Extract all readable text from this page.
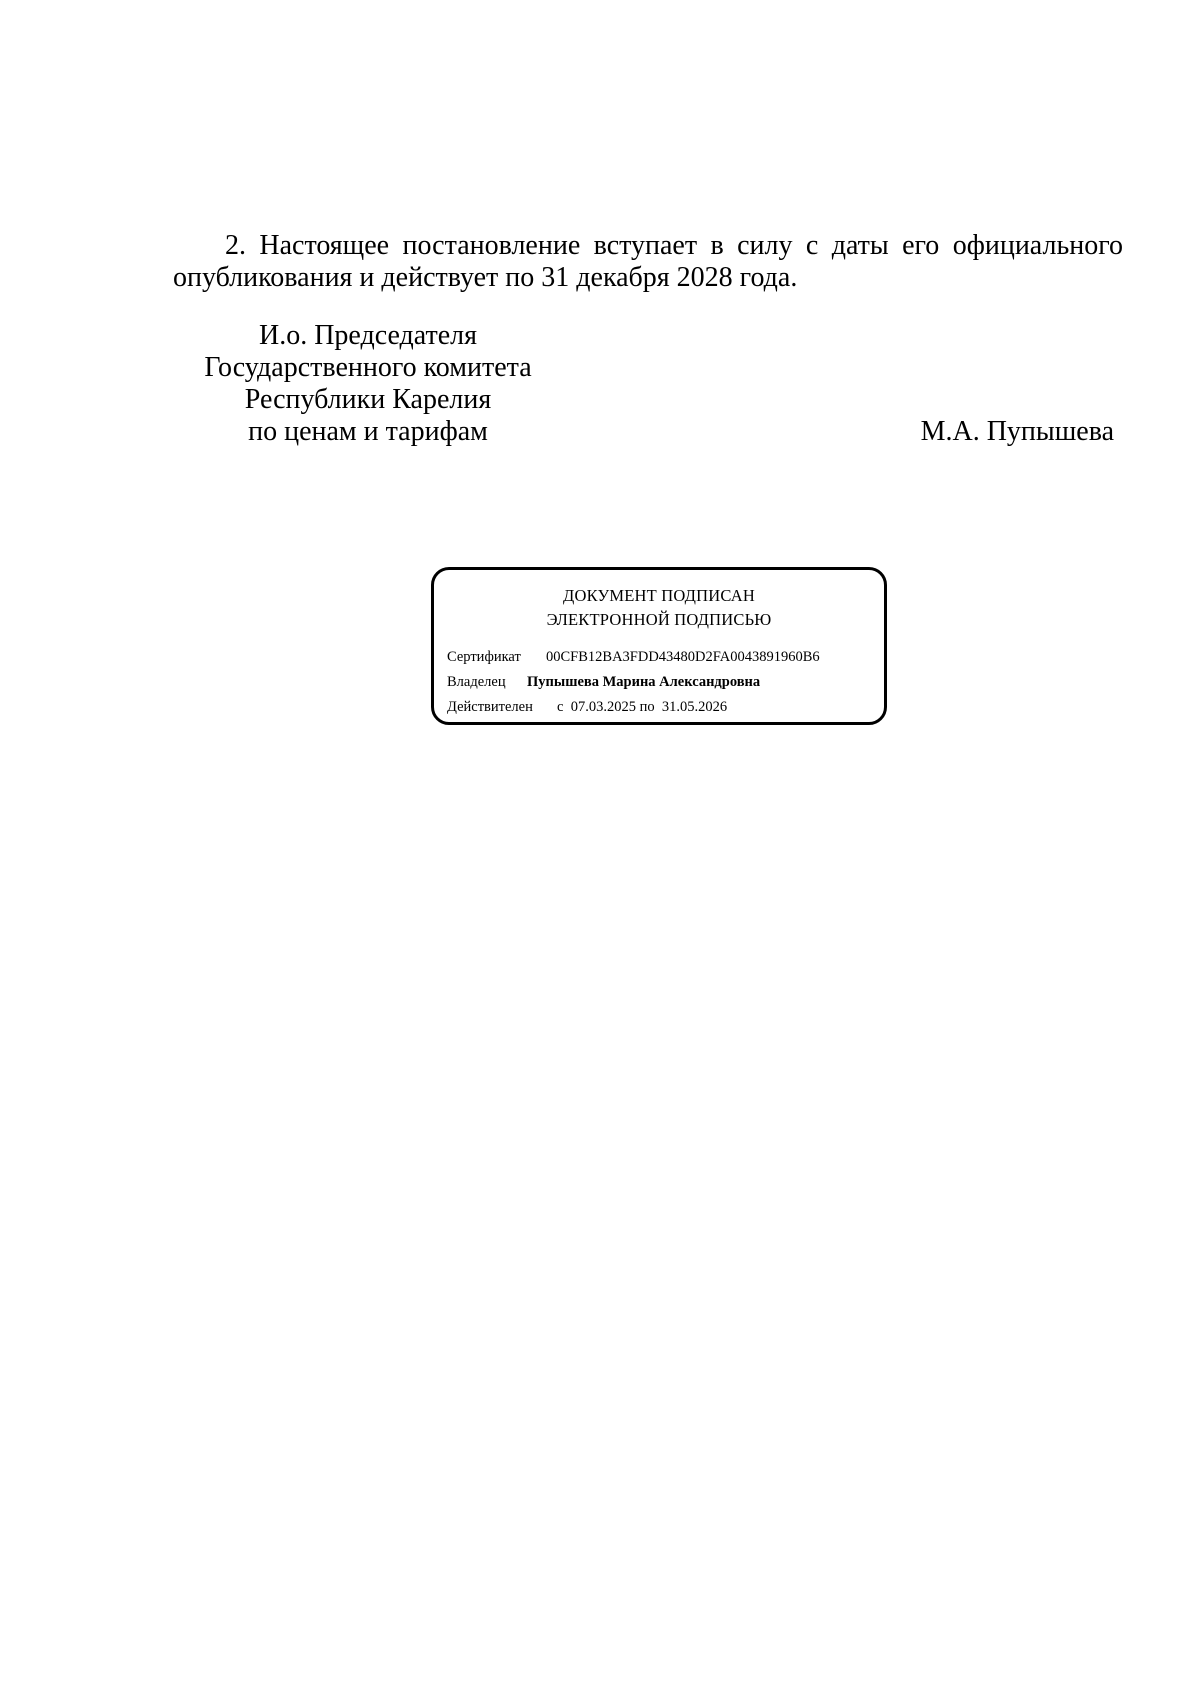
2. Настоящее постановление вступает в силу с даты его официального опубликования и действует по 31 декабря 2028 года.

И.о. Председателя
Государственного комитета
Республики Карелия
по ценам и тарифам	М.А. Пупышева
ДОКУМЕНТ ПОДПИСАН
ЭЛЕКТРОННОЙ ПОДПИСЬЮ
Сертификат 00CFB12BA3FDD43480D2FA0043891960B6
Владелец Пупышева Марина Александровна
Действителен с 07.03.2025 по 31.05.2026
